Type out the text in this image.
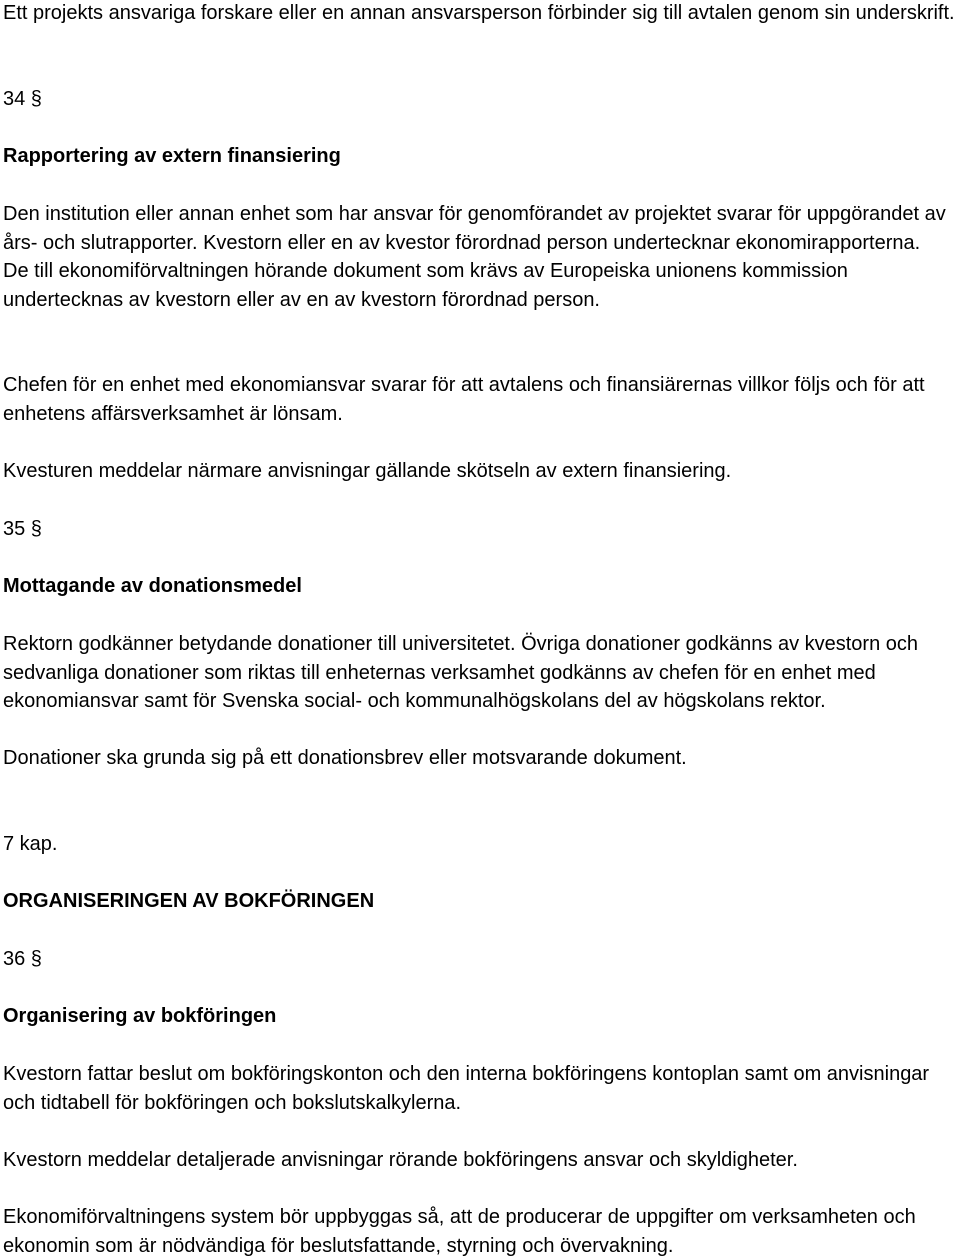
Ett projekts ansvariga forskare eller en annan ansvarsperson förbinder sig till avtalen genom sin underskrift.

34 §

Rapportering av extern finansiering

Den institution eller annan enhet som har ansvar för genomförandet av projektet svarar för uppgörandet av års- och slutrapporter. Kvestorn eller en av kvestor förordnad person undertecknar ekonomirapporterna.
De till ekonomiförvaltningen hörande dokument som krävs av Europeiska unionens kommission undertecknas av kvestorn eller av en av kvestorn förordnad person.

Chefen för en enhet med ekonomiansvar svarar för att avtalens och finansiärernas villkor följs och för att enhetens affärsverksamhet är lönsam.

Kvesturen meddelar närmare anvisningar gällande skötseln av extern finansiering.

35 §

Mottagande av donationsmedel

Rektorn godkänner betydande donationer till universitetet. Övriga donationer godkänns av kvestorn och sedvanliga donationer som riktas till enheternas verksamhet godkänns av chefen för en enhet med ekonomiansvar samt för Svenska social- och kommunalhögskolans del av högskolans rektor.

Donationer ska grunda sig på ett donationsbrev eller motsvarande dokument.

7 kap.

ORGANISERINGEN AV BOKFÖRINGEN

36 §

Organisering av bokföringen

Kvestorn fattar beslut om bokföringskonton och den interna bokföringens kontoplan samt om anvisningar och tidtabell för bokföringen och bokslutskalkylerna.

Kvestorn meddelar detaljerade anvisningar rörande bokföringens ansvar och skyldigheter.

Ekonomiförvaltningens system bör uppbyggas så, att de producerar de uppgifter om verksamheten och ekonomin som är nödvändiga för beslutsfattande, styrning och övervakning.
